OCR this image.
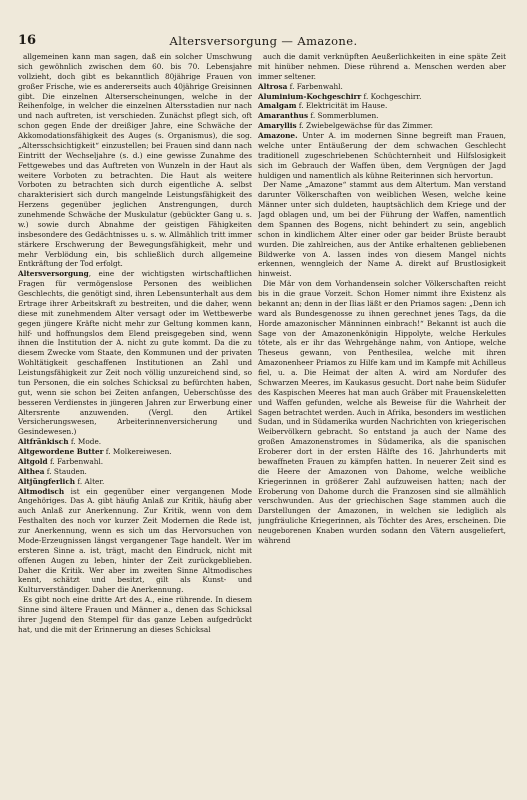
16	Altersversorgung — Amazone.

allgemeinen kann man sagen, daß ein solcher Umschwung sich gewöhnlich zwischen dem 60. bis 70. Lebensjahre vollzieht, doch gibt es bekanntlich 80jährige Frauen von großer Frische, wie es andererseits auch 40jährige Greisinnen gibt. Die einzelnen Alterserscheinungen, welche in der Reihenfolge, in welcher die einzelnen Altersstadien nur nach und nach auftreten, ist verschieden. Zunächst pflegt sich, oft schon gegen Ende der dreißiger Jahre, eine Schwäche der Akkomodationsfähigkeit des Auges (s. Organismus), die sog. „Altersschsichtigkeit“ einzustellen; bei Frauen sind dann nach Eintritt der Wechseljahre (s. d.) eine gewisse Zunahme des Fettgewebes und das Auftreten von Wunzeln in der Haut als weitere Vorboten zu betrachten. Die Haut als weitere Vorboten zu betrachten sich durch eigentliche A. selbst charakterisiert sich durch mangelnde Leistungsfähigkeit des Herzens gegenüber jeglichen Anstrengungen, durch zunehmende Schwäche der Muskulatur (gebückter Gang u. s. w.) sowie durch Abnahme der geistigen Fähigkeiten insbesondere des Gedächtnisses u. s. w. Allmählich tritt immer stärkere Erschwerung der Bewegungsfähigkeit, mehr und mehr Verblödung ein, bis schließlich durch allgemeine Entkräftung der Tod erfolgt.

Altersversorgung, eine der wichtigsten wirtschaftlichen Fragen für vermögenslose Personen des weiblichen Geschlechts, die genötigt sind, ihren Lebensunterhalt aus dem Ertrage ihrer Arbeitskraft zu bestreiten, und die daher, wenn diese mit zunehmendem Alter versagt oder im Wettbewerbe gegen jüngere Kräfte nicht mehr zur Geltung kommen kann, hilf- und hoffnungslos dem Elend preisgegeben sind, wenn ihnen die Institution der A. nicht zu gute kommt. Da die zu diesem Zwecke vom Staate, den Kommunen und der privaten Wohltätigkeit geschaffenen Institutionen an Zahl und Leistungsfähigkeit zur Zeit noch völlig unzureichend sind, so tun Personen, die ein solches Schicksal zu befürchten haben, gut, wenn sie schon bei Zeiten anfangen, Ueberschüsse des besseren Verdienstes in jüngeren Jahren zur Erwerbung einer Altersrente anzuwenden. (Vergl. den Artikel Versicherungswesen, Arbeiterinnenversicherung und Gesindewesen.)

Altfränkisch f. Mode.

Altgewordene Butter f. Molkereiwesen.

Altgold f. Farbenwahl.

Althea f. Stauden.

Altjüngferlich f. Alter.

Altmodisch ist ein gegenüber einer vergangenen Mode Angehöriges. Das A. gibt häufig Anlaß zur Kritik, häufig aber auch Anlaß zur Anerkennung. Zur Kritik, wenn von dem Festhalten des noch vor kurzer Zeit Modernen die Rede ist, zur Anerkennung, wenn es sich um das Hervorsuchen von Mode-Erzeugnissen längst vergangener Tage handelt. Wer im ersteren Sinne a. ist, trägt, macht den Eindruck, nicht mit offenen Augen zu leben, hinter der Zeit zurückgeblieben. Daher die Kritik. Wer aber im zweiten Sinne Altmodisches kennt, schätzt und besitzt, gilt als Kunst- und Kulturverständiger. Daher die Anerkennung.

Es gibt noch eine dritte Art des A., eine rührende. In diesem Sinne sind ältere Frauen und Männer a., denen das Schicksal ihrer Jugend den Stempel für das ganze Leben aufgedrückt hat, und die mit der Erinnerung an dieses Schicksal

auch die damit verknüpften Aeußerlichkeiten in eine späte Zeit mit hinüber nehmen. Diese rührend a. Menschen werden aber immer seltener.

Altrosa f. Farbenwahl.

Aluminium-Kochgeschirr f. Kochgeschirr.

Amalgam f. Elektricität im Hause.

Amaranthus f. Sommerblumen.

Amaryllis f. Zwiebelgewächse für das Zimmer.

Amazone. Unter A. im modernen Sinne begreift man Frauen, welche unter Entäußerung der dem schwachen Geschlecht traditionell zugeschriebenen Schüchternheit und Hilfslosigkeit sich im Gebrauch der Waffen üben, dem Vergnügen der Jagd huldigen und namentlich als kühne Reiterinnen sich hervortun.

Der Name „Amazone“ stammt aus dem Altertum. Man verstand darunter Völkerschaften von weiblichen Wesen, welche keine Männer unter sich duldeten, hauptsächlich dem Kriege und der Jagd oblagen und, um bei der Führung der Waffen, namentlich dem Spannen des Bogens, nicht behindert zu sein, angeblich schon in kindlichem Alter einer oder gar beider Brüste beraubt wurden. Die zahlreichen, aus der Antike erhaltenen gebliebenen Bildwerke von A. lassen indes von diesem Mangel nichts erkennen, wenngleich der Name A. direkt auf Brustlosigkeit hinweist.

Die Mär von dem Vorhandensein solcher Völkerschaften reicht bis in die graue Vorzeit. Schon Homer nimmt ihre Existenz als bekannt an; denn in der Ilias läßt er den Priamos sagen: „Denn ich ward als Bundesgenosse zu ihnen gerechnet jenes Tags, da die Horde amazonischer Männinnen einbrach!“ Bekannt ist auch die Sage von der Amazonenkönigin Hippolyte, welche Herkules tötete, als er ihr das Wehrgehänge nahm, von Antiope, welche Theseus gewann, von Penthesilea, welche mit ihren Amazonenheer Priamos zu Hilfe kam und im Kampfe mit Achilleus fiel, u. a. Die Heimat der alten A. wird am Nordufer des Schwarzen Meeres, im Kaukasus gesucht. Dort nahe beim Südufer des Kaspischen Meeres hat man auch Gräber mit Frauenskeletten und Waffen gefunden, welche als Beweise für die Wahrheit der Sagen betrachtet werden. Auch in Afrika, besonders im westlichen Sudan, und in Südamerika wurden Nachrichten von kriegerischen Weibervölkern gebracht. So entstand ja auch der Name des großen Amazonenstromes in Südamerika, als die spanischen Eroberer dort in der ersten Hälfte des 16. Jahrhunderts mit bewaffneten Frauen zu kämpfen hatten. In neuerer Zeit sind es die Heere der Amazonen von Dahome, welche weibliche Kriegerinnen in größerer Zahl aufzuweisen hatten; nach der Eroberung von Dahome durch die Franzosen sind sie allmählich verschwunden. Aus der griechischen Sage stammen auch die Darstellungen der Amazonen, in welchen sie lediglich als jungfräuliche Kriegerinnen, als Töchter des Ares, erscheinen. Die neugeborenen Knaben wurden sodann den Vätern ausgeliefert, während
